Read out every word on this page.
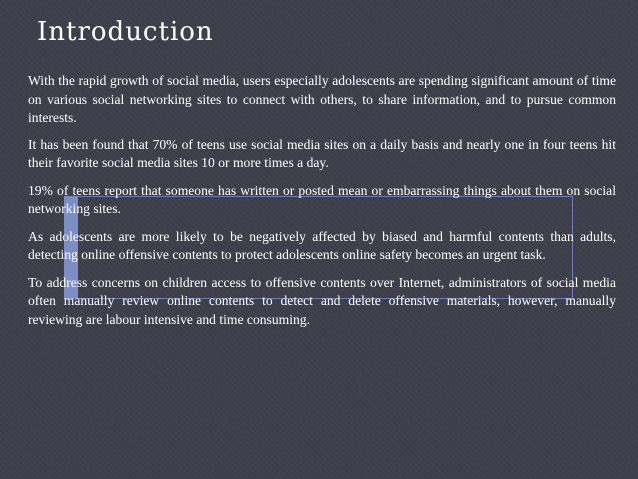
Introduction

With the rapid growth of social media, users especially adolescents are spending significant amount of time on various social networking sites to connect with others, to share information, and to pursue common interests.

It has been found that 70% of teens use social media sites on a daily basis and nearly one in four teens hit their favorite social media sites 10 or more times a day.

19% of teens report that someone has written or posted mean or embarrassing things about them on social networking sites.

As adolescents are more likely to be negatively affected by biased and harmful contents than adults, detecting online offensive contents to protect adolescents online safety becomes an urgent task.

To address concerns on children access to offensive contents over Internet, administrators of social media often manually review online contents to detect and delete offensive materials, however, manually reviewing are labour intensive and time consuming.
